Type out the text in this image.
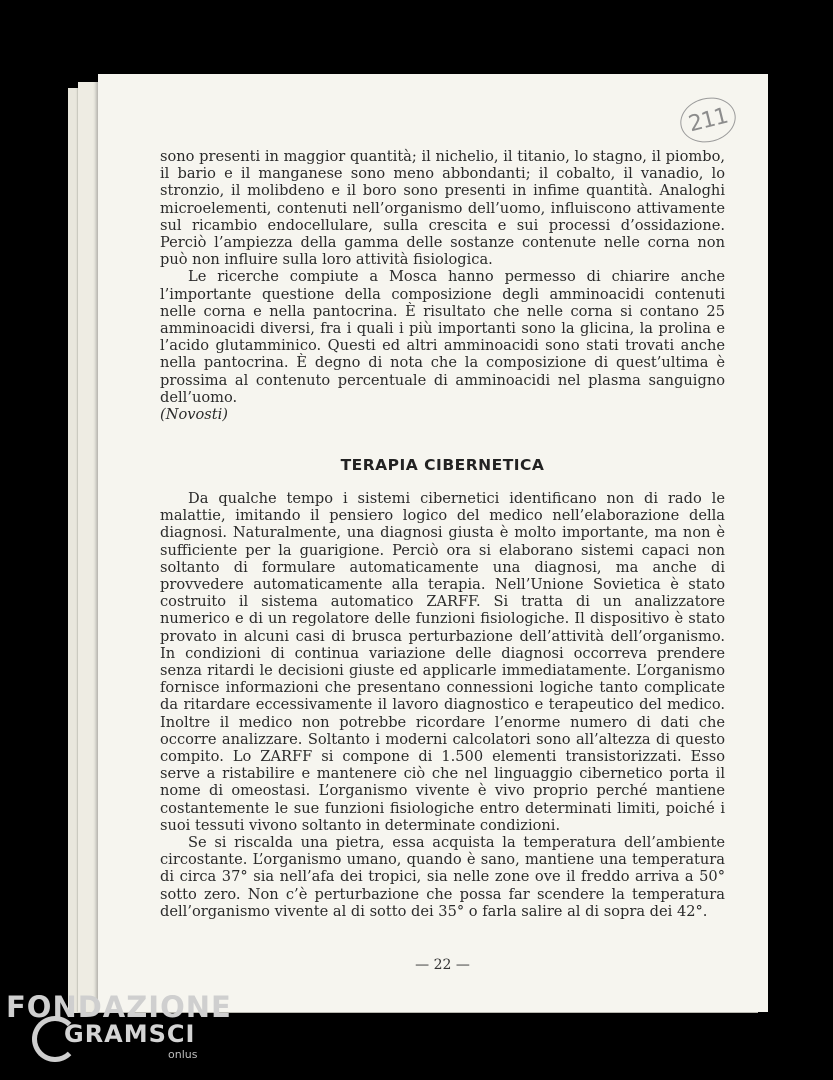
211

sono presenti in maggior quantità; il nichelio, il titanio, lo stagno, il piombo, il bario e il manganese sono meno abbondanti; il cobalto, il vanadio, lo stronzio, il molibdeno e il boro sono presenti in infime quantità. Analoghi microelementi, contenuti nell’organismo dell’uomo, influiscono attivamente sul ricambio endocellulare, sulla crescita e sui processi d’ossidazione. Perciò l’ampiezza della gamma delle sostanze contenute nelle corna non può non influire sulla loro attività fisiologica.

Le ricerche compiute a Mosca hanno permesso di chiarire anche l’importante questione della composizione degli amminoacidi contenuti nelle corna e nella pantocrina. È risultato che nelle corna si contano 25 amminoacidi diversi, fra i quali i più importanti sono la glicina, la prolina e l’acido glutamminico. Questi ed altri amminoacidi sono stati trovati anche nella pantocrina. È degno di nota che la composizione di quest’ultima è prossima al contenuto percentuale di amminoacidi nel plasma sanguigno dell’uomo.

(Novosti)

TERAPIA CIBERNETICA

Da qualche tempo i sistemi cibernetici identificano non di rado le malattie, imitando il pensiero logico del medico nell’elaborazione della diagnosi. Naturalmente, una diagnosi giusta è molto importante, ma non è sufficiente per la guarigione. Perciò ora si elaborano sistemi capaci non soltanto di formulare automaticamente una diagnosi, ma anche di provvedere automaticamente alla terapia. Nell’Unione Sovietica è stato costruito il sistema automatico ZARFF. Si tratta di un analizzatore numerico e di un regolatore delle funzioni fisiologiche. Il dispositivo è stato provato in alcuni casi di brusca perturbazione dell’attività dell’organismo. In condizioni di continua variazione delle diagnosi occorreva prendere senza ritardi le decisioni giuste ed applicarle immediatamente. L’organismo fornisce informazioni che presentano connessioni logiche tanto complicate da ritardare eccessivamente il lavoro diagnostico e terapeutico del medico. Inoltre il medico non potrebbe ricordare l’enorme numero di dati che occorre analizzare. Soltanto i moderni calcolatori sono all’altezza di questo compito. Lo ZARFF si compone di 1.500 elementi transistorizzati. Esso serve a ristabilire e mantenere ciò che nel linguaggio cibernetico porta il nome di omeostasi. L’organismo vivente è vivo proprio perché mantiene costantemente le sue funzioni fisiologiche entro determinati limiti, poiché i suoi tessuti vivono soltanto in determinate condizioni.

Se si riscalda una pietra, essa acquista la temperatura dell’ambiente circostante. L’organismo umano, quando è sano, mantiene una temperatura di circa 37° sia nell’afa dei tropici, sia nelle zone ove il freddo arriva a 50° sotto zero. Non c’è perturbazione che possa far scendere la temperatura dell’organismo vivente al di sotto dei 35° o farla salire al di sopra dei 42°.

— 22 —
FONDAZIONE
GRAMSCI
onlus
